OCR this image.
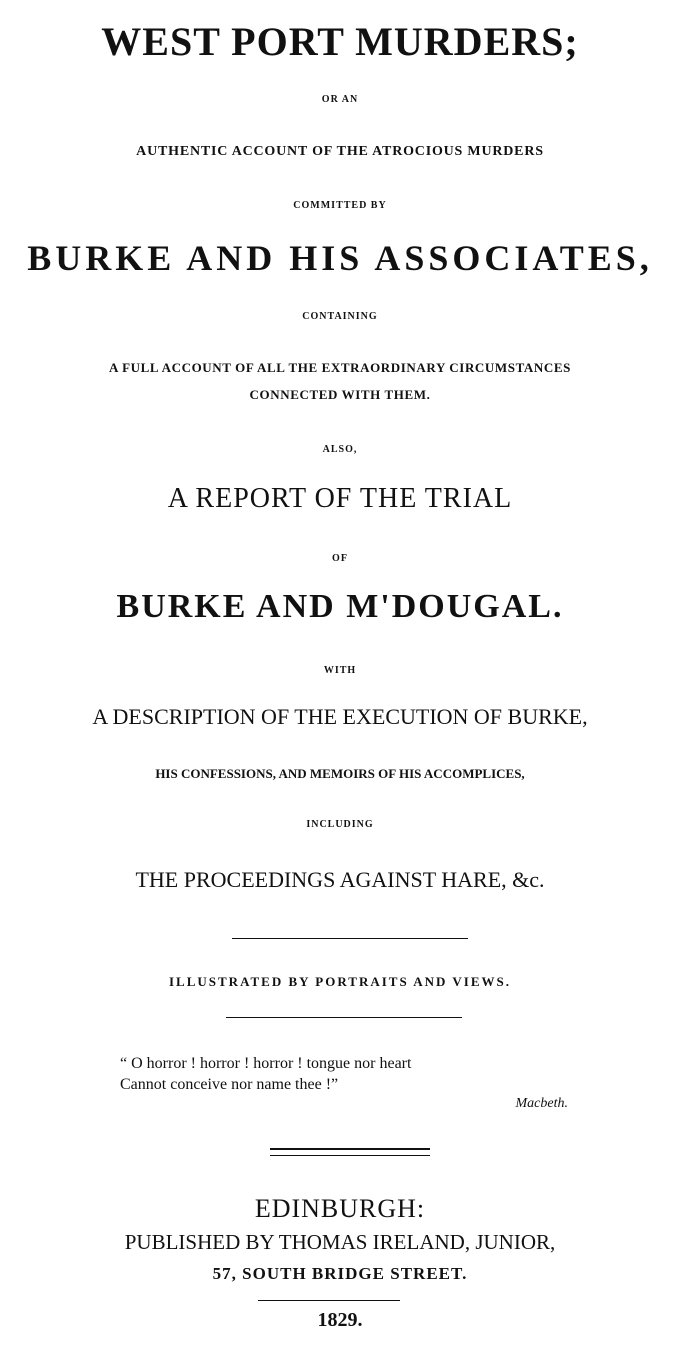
WEST PORT MURDERS;
OR AN
AUTHENTIC ACCOUNT OF THE ATROCIOUS MURDERS
COMMITTED BY
BURKE AND HIS ASSOCIATES,
CONTAINING
A FULL ACCOUNT OF ALL THE EXTRAORDINARY CIRCUMSTANCES
CONNECTED WITH THEM.
ALSO,
A REPORT OF THE TRIAL
OF
BURKE AND M'DOUGAL.
WITH
A DESCRIPTION OF THE EXECUTION OF BURKE,
HIS CONFESSIONS, AND MEMOIRS OF HIS ACCOMPLICES,
INCLUDING
THE PROCEEDINGS AGAINST HARE, &c.
ILLUSTRATED BY PORTRAITS AND VIEWS.
“ O horror ! horror ! horror ! tongue nor heart
Cannot conceive nor name thee !”
Macbeth.
EDINBURGH:
PUBLISHED BY THOMAS IRELAND, JUNIOR,
57, SOUTH BRIDGE STREET.
1829.
